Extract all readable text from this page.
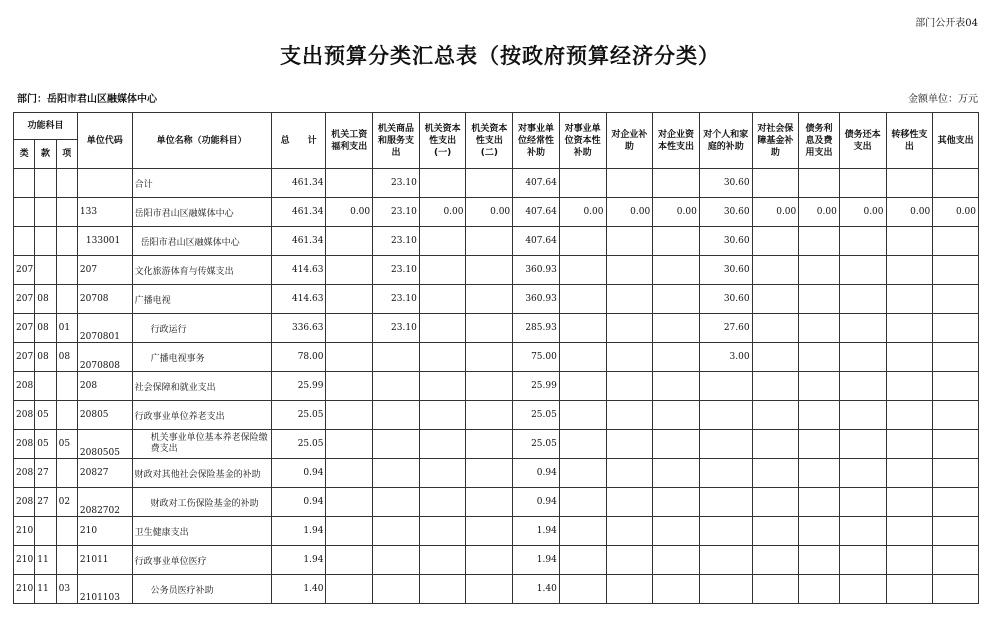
部门公开表04
支出预算分类汇总表（按政府预算经济分类）
部门：岳阳市君山区融媒体中心	金额单位：万元
功能科目			单位代码	单位名称（功能科目）	总　　计	机关工资福利支出	机关商品和服务支出	机关资本性支出(一)	机关资本性支出(二)	对事业单位经常性补助	对事业单位资本性补助	对企业补助	对企业资本性支出	对个人和家庭的补助	对社会保障基金补助	债务利息及费用支出	债务还本支出	转移性支出	其他支出
类	款	项																	
				合计	461.34		23.10			407.64				30.60					
			133	岳阳市君山区融媒体中心	461.34	0.00	23.10	0.00	0.00	407.64	0.00	0.00	0.00	30.60	0.00	0.00	0.00	0.00	0.00
			133001	岳阳市君山区融媒体中心	461.34		23.10			407.64				30.60					
207			207	文化旅游体育与传媒支出	414.63		23.10			360.93				30.60					
207	08		20708	广播电视	414.63		23.10			360.93				30.60					
207	08	01	2070801	行政运行	336.63		23.10			285.93				27.60					
207	08	08	2070808	广播电视事务	78.00					75.00				3.00					
208			208	社会保障和就业支出	25.99					25.99									
208	05		20805	行政事业单位养老支出	25.05					25.05									
208	05	05	2080505	机关事业单位基本养老保险缴费支出	25.05					25.05									
208	27		20827	财政对其他社会保险基金的补助	0.94					0.94									
208	27	02	2082702	财政对工伤保险基金的补助	0.94					0.94									
210			210	卫生健康支出	1.94					1.94									
210	11		21011	行政事业单位医疗	1.94					1.94									
210	11	03	2101103	公务员医疗补助	1.40					1.40									
